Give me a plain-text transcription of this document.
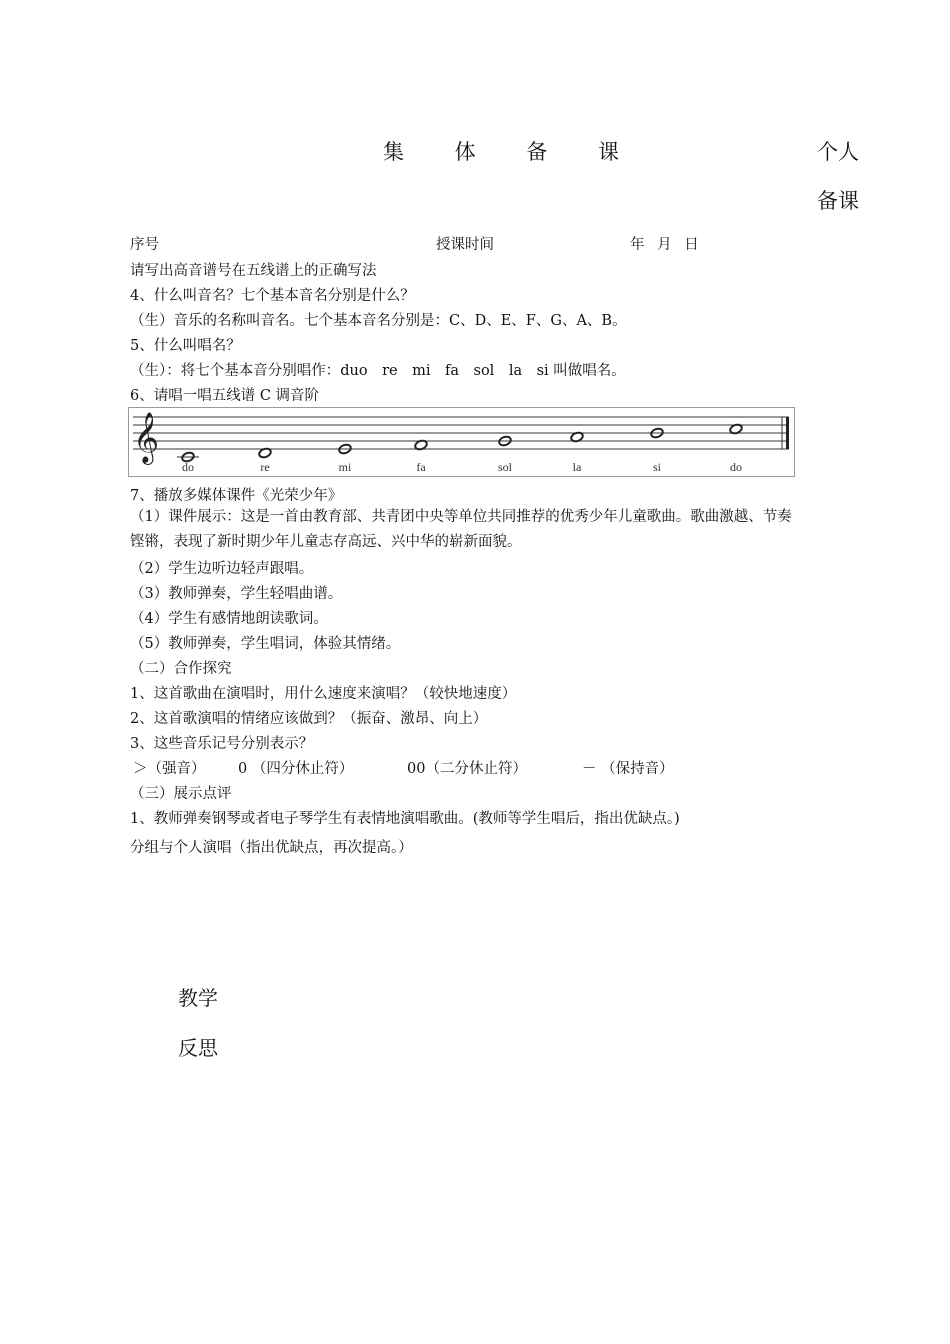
集 体 备 课	个人
备课
序号	授课时间	年 月 日
请写出高音谱号在五线谱上的正确写法
4、什么叫音名？七个基本音名分别是什么？
（生）音乐的名称叫音名。七个基本音名分别是：C、D、E、F、G、A、B。
5、什么叫唱名？
（生）：将七个基本音分别唱作：duo　re　mi　fa　sol　la　si 叫做唱名。
6、请唱一唱五线谱 C 调音阶
𝄞
do	re	mi	fa	sol	la	si	do
7、播放多媒体课件《光荣少年》
（1）课件展示：这是一首由教育部、共青团中央等单位共同推荐的优秀少年儿童歌曲。歌曲激越、节奏铿锵，表现了新时期少年儿童志存高远、兴中华的崭新面貌。
（2）学生边听边轻声跟唱。
（3）教师弹奏，学生轻唱曲谱。
（4）学生有感情地朗读歌词。
（5）教师弹奏，学生唱词，体验其情绪。
（二）合作探究
1、这首歌曲在演唱时，用什么速度来演唱？（较快地速度）
2、这首歌演唱的情绪应该做到？（振奋、激昂、向上）
3、这些音乐记号分别表示？
＞（强音） 0 （四分休止符）	00（二分休止符）	－ （保持音）
（三）展示点评
1、教师弹奏钢琴或者电子琴学生有表情地演唱歌曲。(教师等学生唱后，指出优缺点。)
分组与个人演唱（指出优缺点，再次提高。）
教学
反思
